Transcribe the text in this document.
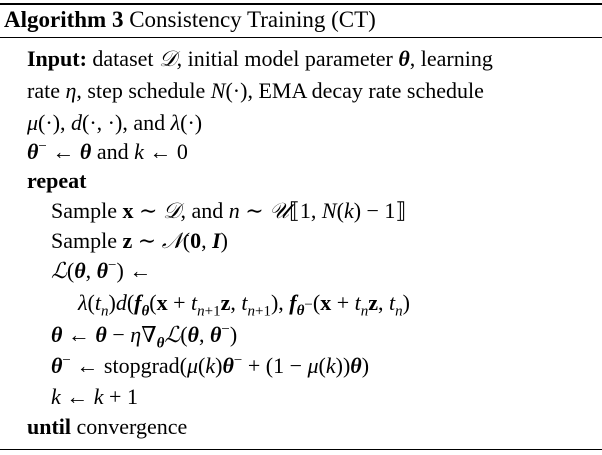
Algorithm 3 Consistency Training (CT)
Input: dataset 𝒟, initial model parameter θ, learning
rate η, step schedule N(·), EMA decay rate schedule
μ(·), d(·, ·), and λ(·)
θ− ← θ and k ← 0
repeat
Sample x ∼ 𝒟, and n ∼ 𝒰⟦1, N(k) − 1⟧
Sample z ∼ 𝒩(0, I)
ℒ(θ, θ−) ←
$\lambda(t_n)d(f_\theta(x + t_{n+1}z$, $t_{n+1}$), $f_{\theta^-}(x + t_nz$, $t_n$)
θ ← $\theta - \eta\nabla_\theta ℒ(\theta$, θ−)
θ− ← stopgrad(μ(k)θ− + (1 − μ(k))θ)
k ← k + 1
until convergence
